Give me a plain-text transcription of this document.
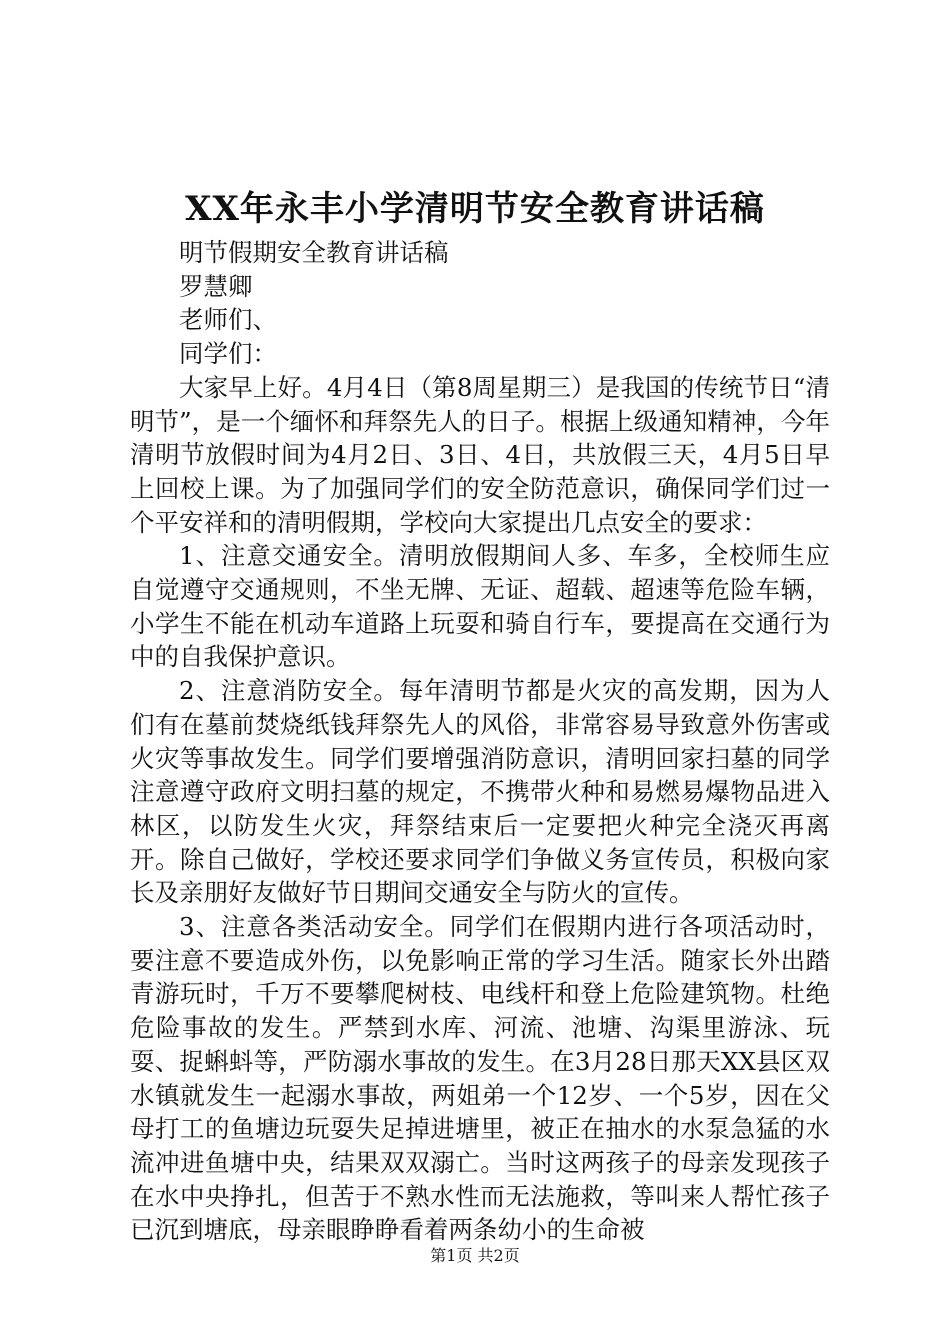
XX年永丰小学清明节安全教育讲话稿

明节假期安全教育讲话稿

罗慧卿

老师们、

同学们：

大家早上好。4月4日（第8周星期三）是我国的传统节日“清明节”，是一个缅怀和拜祭先人的日子。根据上级通知精神，今年清明节放假时间为4月2日、3日、4日，共放假三天，4月5日早上回校上课。为了加强同学们的安全防范意识，确保同学们过一个平安祥和的清明假期，学校向大家提出几点安全的要求：

1、注意交通安全。清明放假期间人多、车多，全校师生应自觉遵守交通规则，不坐无牌、无证、超载、超速等危险车辆，小学生不能在机动车道路上玩耍和骑自行车，要提高在交通行为中的自我保护意识。

2、注意消防安全。每年清明节都是火灾的高发期，因为人们有在墓前焚烧纸钱拜祭先人的风俗，非常容易导致意外伤害或火灾等事故发生。同学们要增强消防意识，清明回家扫墓的同学注意遵守政府文明扫墓的规定，不携带火种和易燃易爆物品进入林区，以防发生火灾，拜祭结束后一定要把火种完全浇灭再离开。除自己做好，学校还要求同学们争做义务宣传员，积极向家长及亲朋好友做好节日期间交通安全与防火的宣传。

3、注意各类活动安全。同学们在假期内进行各项活动时，要注意不要造成外伤，以免影响正常的学习生活。随家长外出踏青游玩时，千万不要攀爬树枝、电线杆和登上危险建筑物。杜绝危险事故的发生。严禁到水库、河流、池塘、沟渠里游泳、玩耍、捉蝌蚪等，严防溺水事故的发生。在3月28日那天XX县区双水镇就发生一起溺水事故，两姐弟一个12岁、一个5岁，因在父母打工的鱼塘边玩耍失足掉进塘里，被正在抽水的水泵急猛的水流冲进鱼塘中央，结果双双溺亡。当时这两孩子的母亲发现孩子在水中央挣扎，但苦于不熟水性而无法施救，等叫来人帮忙孩子已沉到塘底，母亲眼睁睁看着两条幼小的生命被

第1页 共2页
